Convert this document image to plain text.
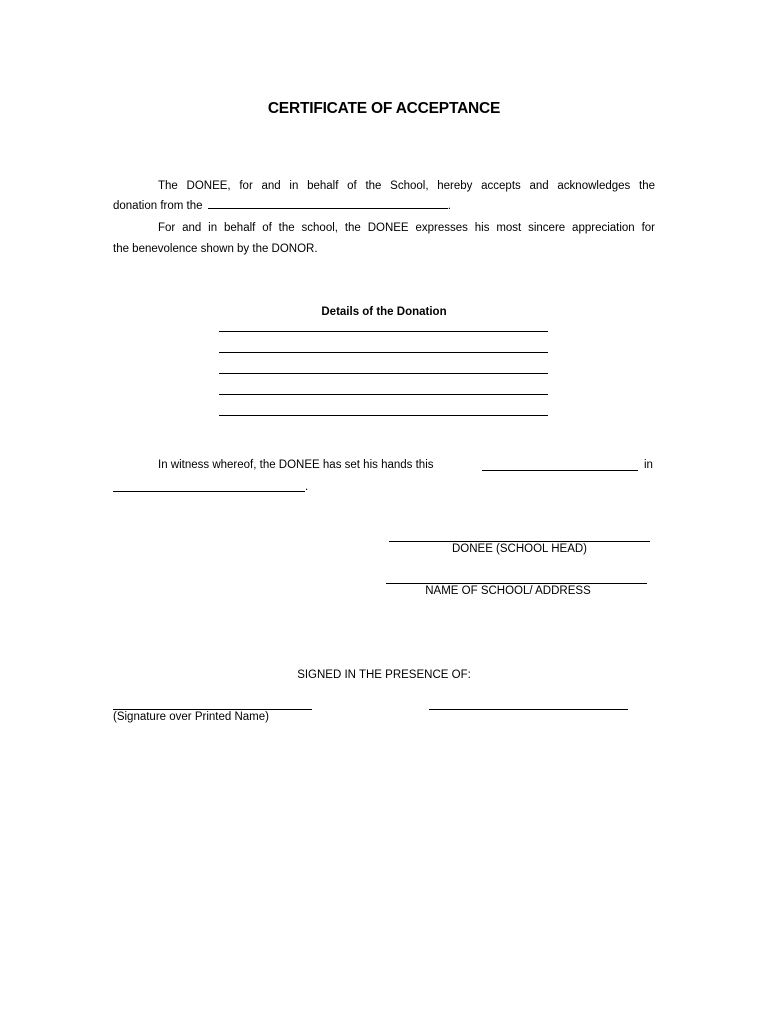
CERTIFICATE OF ACCEPTANCE
The DONEE, for and in behalf of the School, hereby accepts and acknowledges the
donation from the	.
For and in behalf of the school, the DONEE expresses his most sincere appreciation for
the benevolence shown by the DONOR.
Details of the Donation
In witness whereof, the DONEE has set his hands this	in
.
DONEE (SCHOOL HEAD)
NAME OF SCHOOL/ ADDRESS
SIGNED IN THE PRESENCE OF:
(Signature over Printed Name)
